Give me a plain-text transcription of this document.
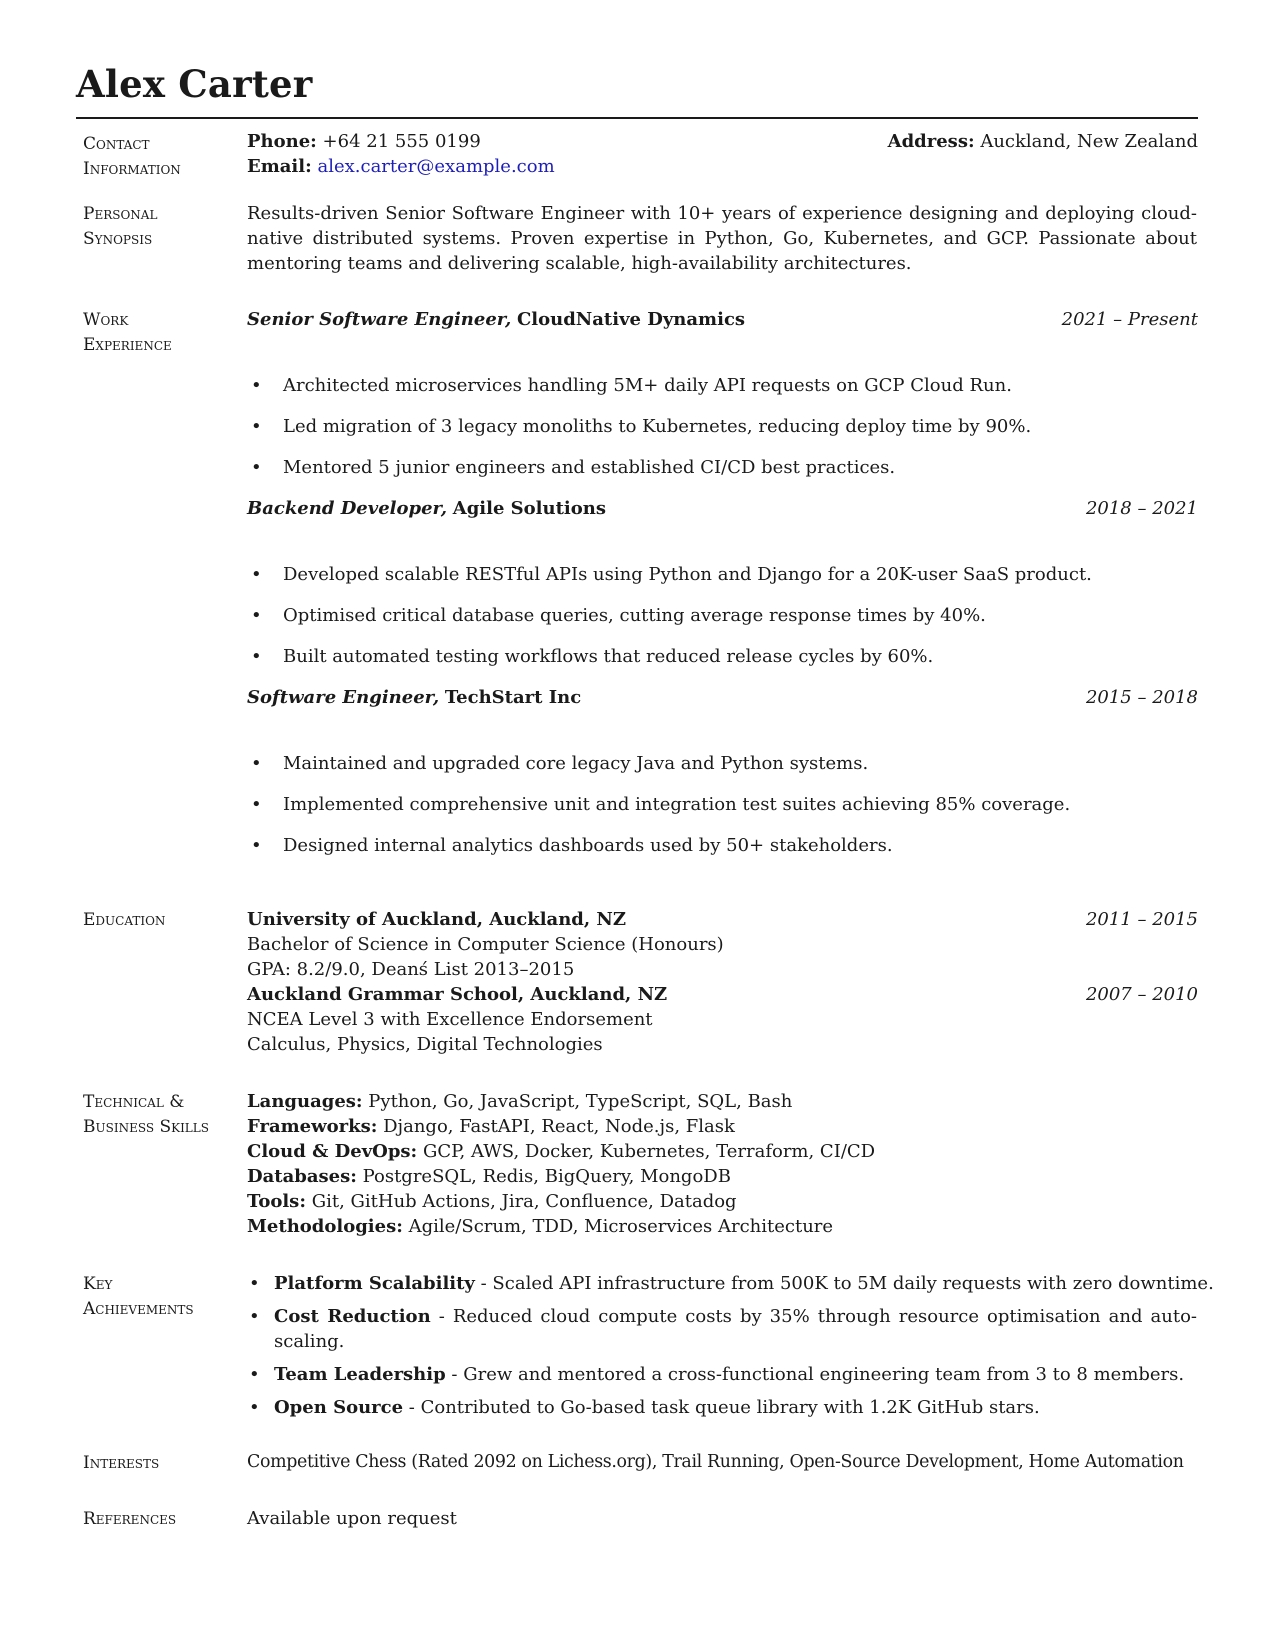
Alex Carter
Contact
Information
Phone: +64 21 555 0199	Address: Auckland, New Zealand
Email: alex.carter@example.com
Personal
Synopsis
Results-driven Senior Software Engineer with 10+ years of experience designing and deploying cloud-native distributed systems. Proven expertise in Python, Go, Kubernetes, and GCP. Passionate about mentoring teams and delivering scalable, high-availability architectures.
Work
Experience
Senior Software Engineer, CloudNative Dynamics	2021 – Present
• Architected microservices handling 5M+ daily API requests on GCP Cloud Run.
• Led migration of 3 legacy monoliths to Kubernetes, reducing deploy time by 90%.
• Mentored 5 junior engineers and established CI/CD best practices.
Backend Developer, Agile Solutions	2018 – 2021
• Developed scalable RESTful APIs using Python and Django for a 20K-user SaaS product.
• Optimised critical database queries, cutting average response times by 40%.
• Built automated testing workflows that reduced release cycles by 60%.
Software Engineer, TechStart Inc	2015 – 2018
• Maintained and upgraded core legacy Java and Python systems.
• Implemented comprehensive unit and integration test suites achieving 85% coverage.
• Designed internal analytics dashboards used by 50+ stakeholders.
Education	University of Auckland, Auckland, NZ	2011 – 2015
Bachelor of Science in Computer Science (Honours)
GPA: 8.2/9.0, Deanś List 2013–2015
Auckland Grammar School, Auckland, NZ	2007 – 2010
NCEA Level 3 with Excellence Endorsement
Calculus, Physics, Digital Technologies
Technical &
Business Skills
Languages: Python, Go, JavaScript, TypeScript, SQL, Bash
Frameworks: Django, FastAPI, React, Node.js, Flask
Cloud & DevOps: GCP, AWS, Docker, Kubernetes, Terraform, CI/CD
Databases: PostgreSQL, Redis, BigQuery, MongoDB
Tools: Git, GitHub Actions, Jira, Confluence, Datadog
Methodologies: Agile/Scrum, TDD, Microservices Architecture
Key
Achievements
• Platform Scalability - Scaled API infrastructure from 500K to 5M daily requests with zero downtime.
• Cost Reduction - Reduced cloud compute costs by 35% through resource optimisation and auto-scaling.
• Team Leadership - Grew and mentored a cross-functional engineering team from 3 to 8 members.
• Open Source - Contributed to Go-based task queue library with 1.2K GitHub stars.
Interests	Competitive Chess (Rated 2092 on Lichess.org), Trail Running, Open-Source Development, Home Automation
References	Available upon request
